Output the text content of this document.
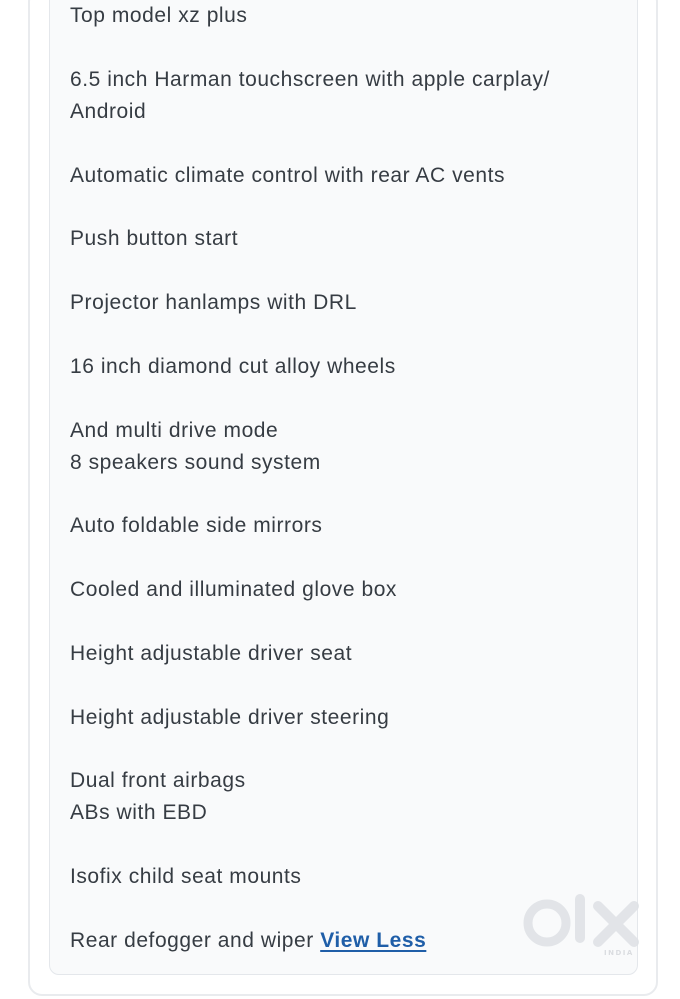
Top model xz plus
6.5 inch Harman touchscreen with apple carplay/
Android
Automatic climate control with rear AC vents
Push button start
Projector hanlamps with DRL
16 inch diamond cut alloy wheels
And multi drive mode
8 speakers sound system
Auto foldable side mirrors
Cooled and illuminated glove box
Height adjustable driver seat
Height adjustable driver steering
Dual front airbags
ABs with EBD
Isofix child seat mounts
Rear defogger and wiper View Less
INDIA
